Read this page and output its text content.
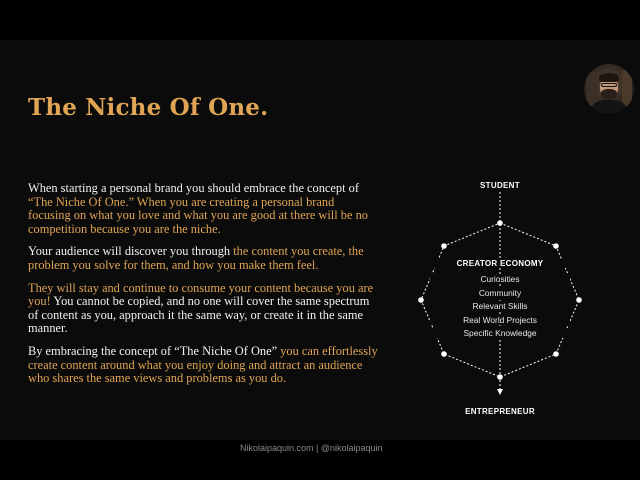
The Niche Of One.

When starting a personal brand you should embrace the concept of “The Niche Of One.” When you are creating a personal brand focusing on what you love and what you are good at there will be no competition because you are the niche.

Your audience will discover you through the content you create, the problem you solve for them, and how you make them feel.

They will stay and continue to consume your content because you are you! You cannot be copied, and no one will cover the same spectrum of content as you, approach it the same way, or create it in the same manner.

By embracing the concept of “The Niche Of One” you can effortlessly create content around what you enjoy doing and attract an audience who shares the same views and problems as you do.

Nikolaipaquin.com | @nikolaipaquin
STUDENT
ENTREPRENEUR
CREATOR ECONOMY
Curiosities
Community
Relevant Skills
Real World Projects
Specific Knowledge
